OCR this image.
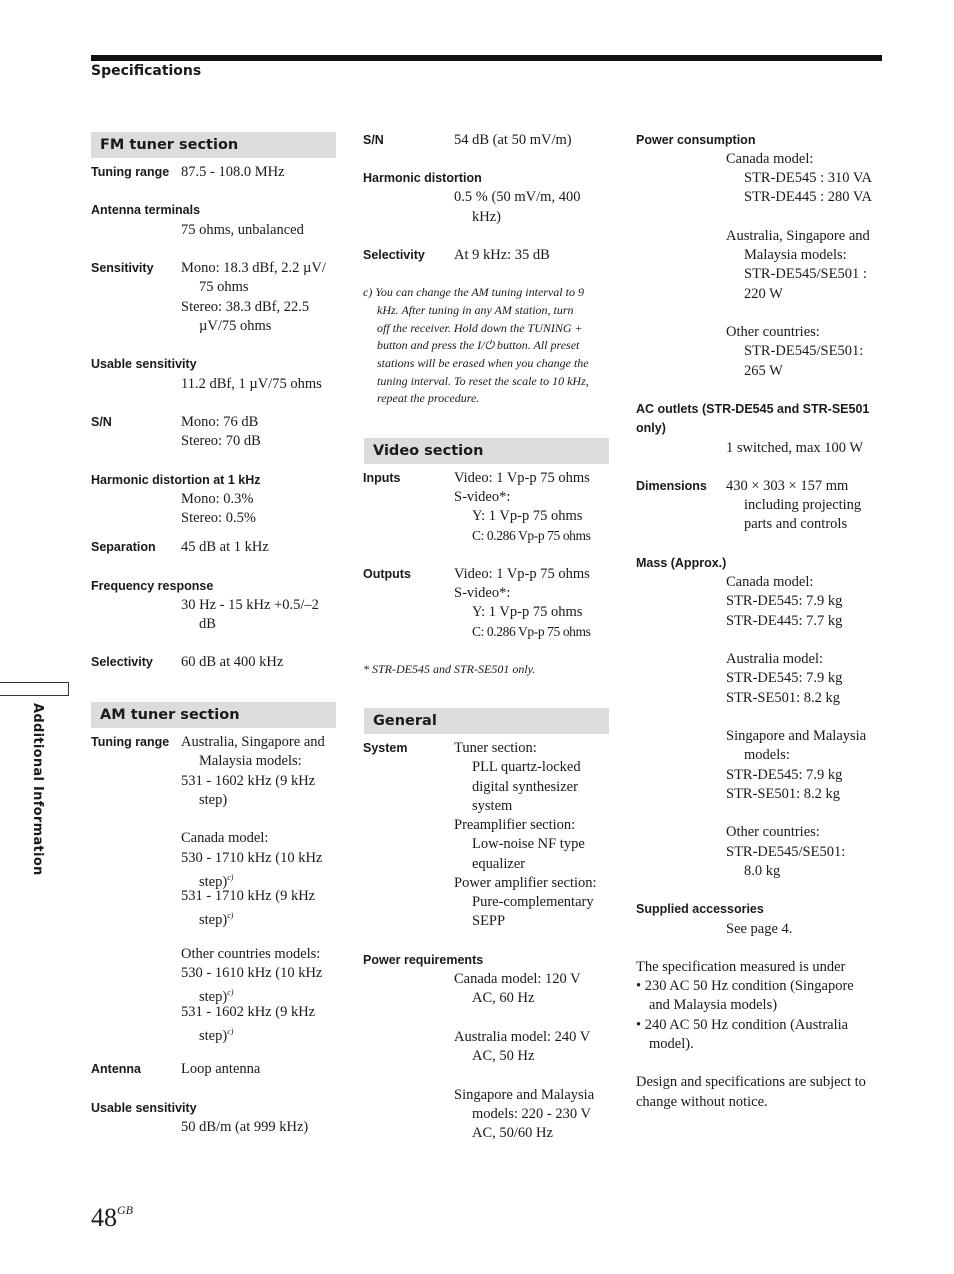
Specifications
Additional Information
FM tuner section
Tuning range 87.5 - 108.0 MHz
Antenna terminals
75 ohms, unbalanced
Sensitivity Mono: 18.3 dBf, 2.2 µV/
75 ohms
Stereo: 38.3 dBf, 22.5
µV/75 ohms
Usable sensitivity
11.2 dBf, 1 µV/75 ohms
S/N	Mono: 76 dB
Stereo: 70 dB
Harmonic distortion at 1 kHz
Mono: 0.3%
Stereo: 0.5%
Separation 45 dB at 1 kHz
Frequency response
30 Hz - 15 kHz +0.5/–2
dB
Selectivity 60 dB at 400 kHz
AM tuner section
Tuning range Australia, Singapore and
Malaysia models:
531 - 1602 kHz (9 kHz
step)
Canada model:
530 - 1710 kHz (10 kHz
step)$^{c)}$
531 - 1710 kHz (9 kHz
step)$^{c)}$
Other countries models:
530 - 1610 kHz (10 kHz
step)$^{c)}$
531 - 1602 kHz (9 kHz
step)$^{c)}$
Antenna	Loop antenna
Usable sensitivity
50 dB/m (at 999 kHz)
S/N	54 dB (at 50 mV/m)
Harmonic distortion
0.5 % (50 mV/m, 400
kHz)
Selectivity At 9 kHz: 35 dB
c) You can change the AM tuning interval to 9
kHz. After tuning in any AM station, turn
off the receiver. Hold down the TUNING +
button and press the I/⏻ button. All preset
stations will be erased when you change the
tuning interval. To reset the scale to 10 kHz,
repeat the procedure.
Video section
Inputs	Video: 1 Vp-p 75 ohms
S-video*:
Y: 1 Vp-p 75 ohms
C: 0.286 Vp-p 75 ohms
Outputs	Video: 1 Vp-p 75 ohms
S-video*:
Y: 1 Vp-p 75 ohms
C: 0.286 Vp-p 75 ohms
* STR-DE545 and STR-SE501 only.
General
System	Tuner section:
PLL quartz-locked
digital synthesizer
system
Preamplifier section:
Low-noise NF type
equalizer
Power amplifier section:
Pure-complementary
SEPP
Power requirements
Canada model: 120 V
AC, 60 Hz
Australia model: 240 V
AC, 50 Hz
Singapore and Malaysia
models: 220 - 230 V
AC, 50/60 Hz
Power consumption
Canada model:
STR-DE545 : 310 VA
STR-DE445 : 280 VA
Australia, Singapore and
Malaysia models:
STR-DE545/SE501 :
220 W
Other countries:
STR-DE545/SE501:
265 W
AC outlets (STR-DE545 and STR-SE501
only)
1 switched, max 100 W
Dimensions 430 × 303 × 157 mm
including projecting
parts and controls
Mass (Approx.)
Canada model:
STR-DE545: 7.9 kg
STR-DE445: 7.7 kg
Australia model:
STR-DE545: 7.9 kg
STR-SE501: 8.2 kg
Singapore and Malaysia
models:
STR-DE545: 7.9 kg
STR-SE501: 8.2 kg
Other countries:
STR-DE545/SE501:
8.0 kg
Supplied accessories
See page 4.
The specification measured is under
• 230 AC 50 Hz condition (Singapore
and Malaysia models)
• 240 AC 50 Hz condition (Australia
model).
Design and specifications are subject to
change without notice.
$48^{GB}$
